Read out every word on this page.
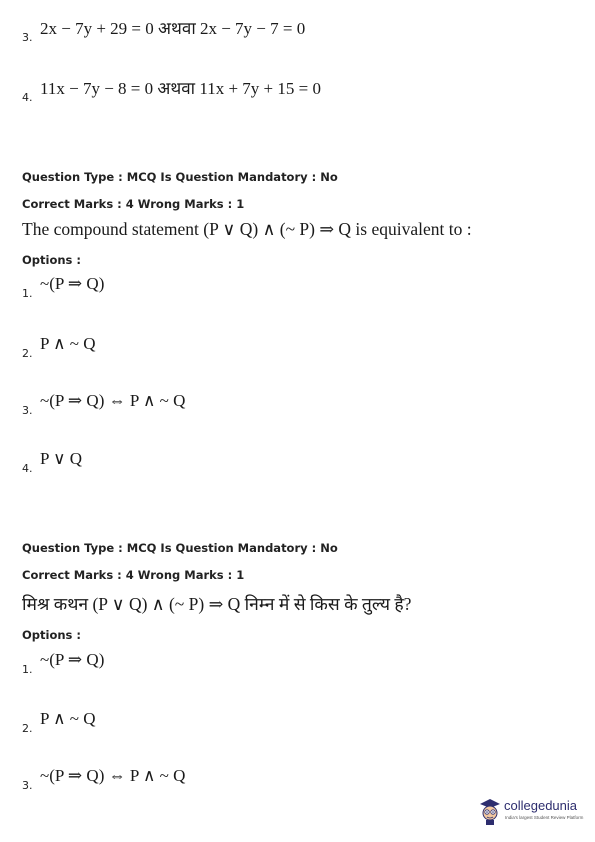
2x − 7y + 29 = 0 अथवा 2x − 7y − 7 = 0
3.
11x − 7y − 8 = 0 अथवा 11x + 7y + 15 = 0
4.
Question Type : MCQ Is Question Mandatory : No
Correct Marks : 4 Wrong Marks : 1
The compound statement (P ∨ Q) ∧ (~ P) ⇒ Q is equivalent to :
Options :
~(P ⇒ Q)
1.
P ∧ ~ Q
2.
~(P ⇒ Q) ⇔ P ∧ ~ Q
3.
P ∨ Q
4.
Question Type : MCQ Is Question Mandatory : No
Correct Marks : 4 Wrong Marks : 1
मिश्र कथन (P ∨ Q) ∧ (~ P) ⇒ Q निम्न में से किस के तुल्य है?
Options :
~(P ⇒ Q)
1.
P ∧ ~ Q
2.
~(P ⇒ Q) ⇔ P ∧ ~ Q
3.
collegedunia
India's largest Student Review Platform
